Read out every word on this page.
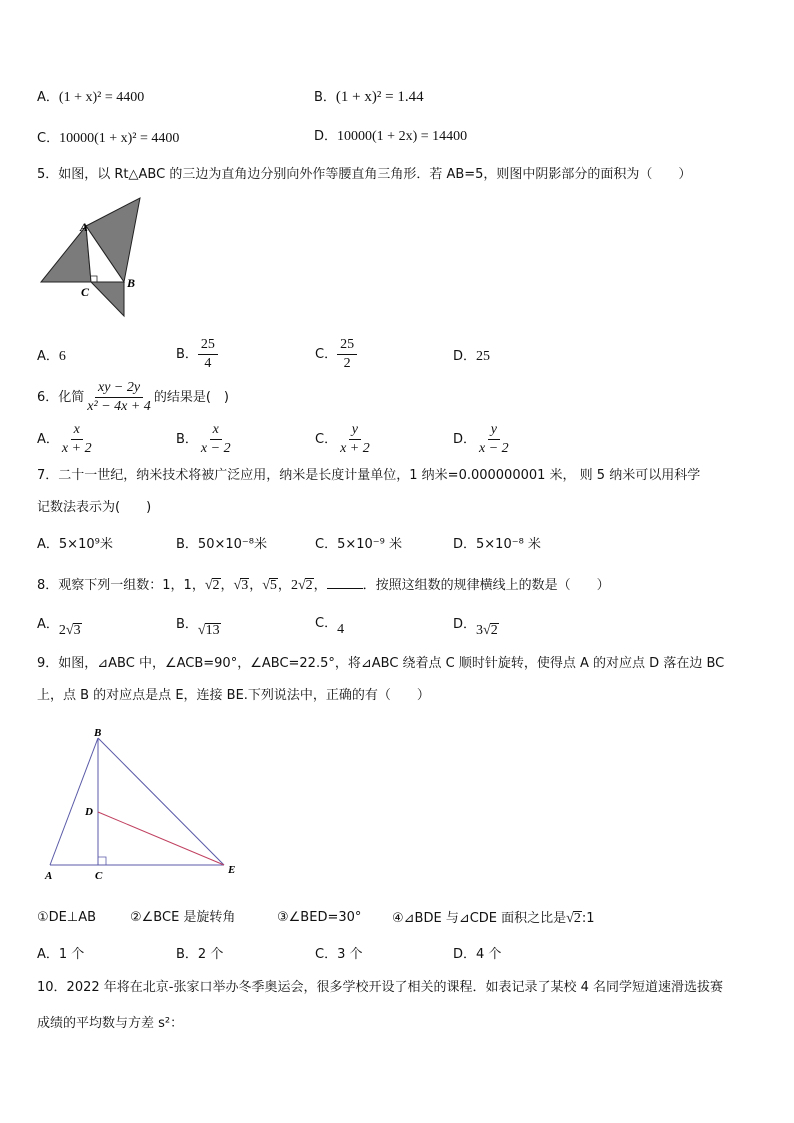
A．(1 + x)² = 4400	B．(1 + x)² = 1.44
C．10000(1 + x)² = 4400	D．10000(1 + 2x) = 14400
5．如图，以 Rt△ABC 的三边为直角边分别向外作等腰直角三角形．若 AB=5，则图中阴影部分的面积为（　　）
A
B
C
A．6	B． $\frac{25}{4}$	C． $\frac{25}{2}$	D．25
6．化简 $\frac{xy - 2y}{\text{x² − 4x + 4}}$ 的结果是(　)
A． $\frac{x}{x + 2}$	B． $\frac{x}{x - 2}$	C． $\frac{y}{x + 2}$	D． $\frac{y}{x - 2}$
7．二十一世纪，纳米技术将被广泛应用，纳米是长度计量单位，1 纳米=0.000000001 米， 则 5 纳米可以用科学
记数法表示为(　　)
A．5×10⁹米	B．50×10⁻⁸米	C．5×10⁻⁹ 米	D．5×10⁻⁸ 米
8．观察下列一组数：1，1，√2，√3，√5，2√2，	．按照这组数的规律横线上的数是（　　）
A．2√3	B．√13	C．4	D．3√2
9．如图，⊿ABC 中，∠ACB=90°，∠ABC=22.5°，将⊿ABC 绕着点 C 顺时针旋转，使得点 A 的对应点 D 落在边 BC
上，点 B 的对应点是点 E，连接 BE.下列说法中，正确的有（　　）
B
D
A	C	E
①DE⊥AB	②∠BCE 是旋转角	③∠BED=30° ④⊿BDE 与⊿CDE 面积之比是√2:1
A．1 个	B．2 个	C．3 个	D．4 个
10．2022 年将在北京-张家口举办冬季奥运会，很多学校开设了相关的课程．如表记录了某校 4 名同学短道速滑选拔赛
成绩的平均数与方差 s²：
